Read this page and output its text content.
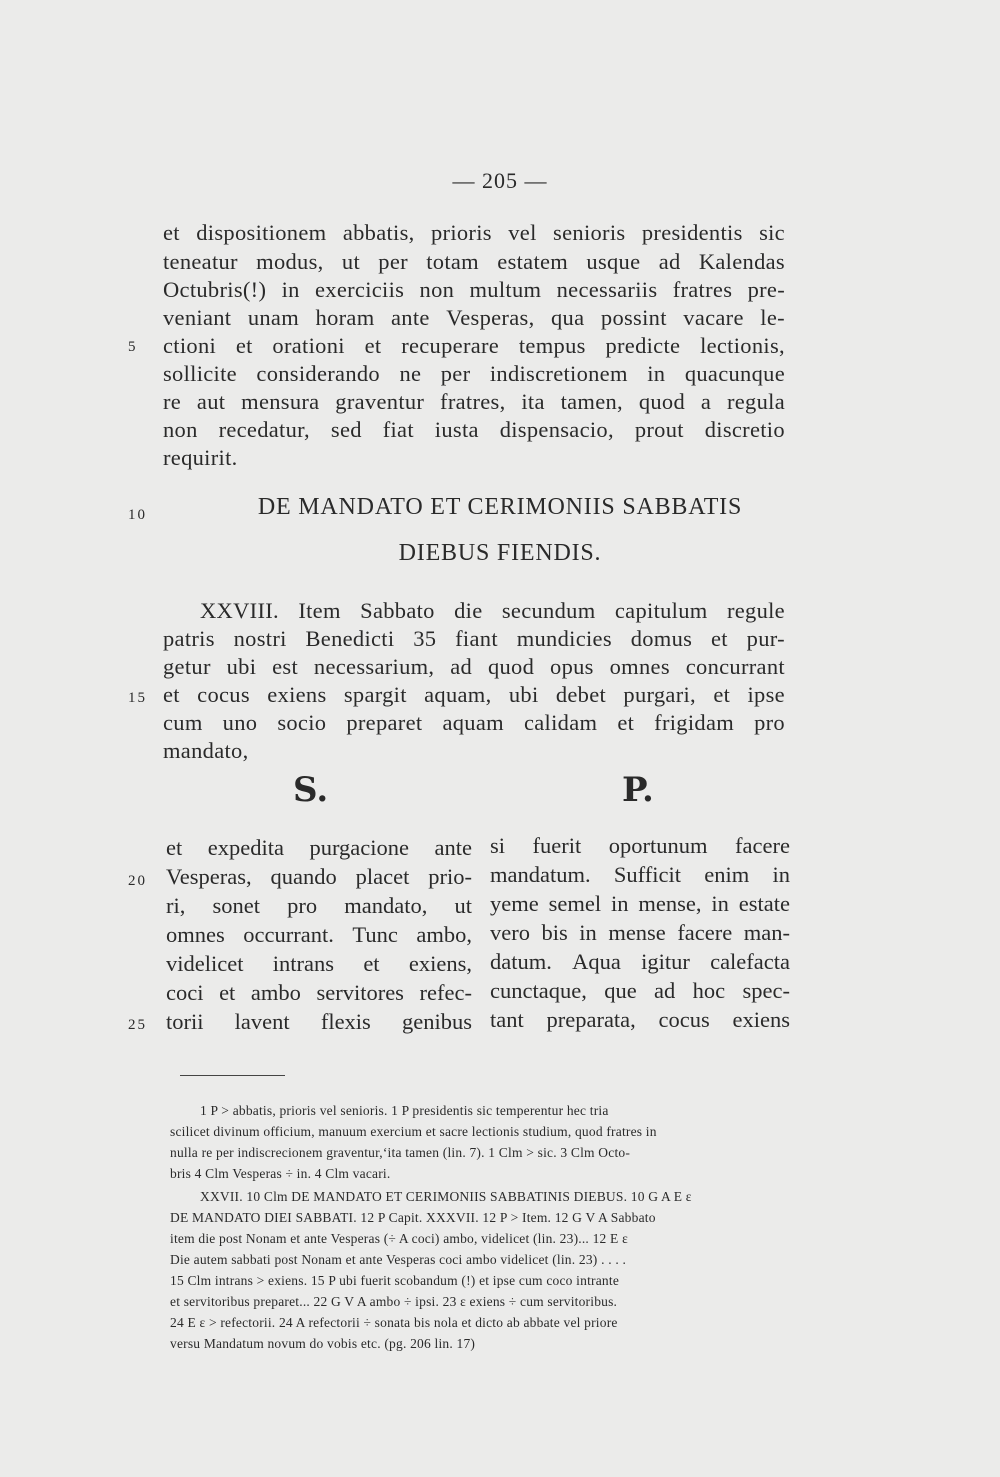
— 205 —
et dispositionem abbatis, prioris vel senioris presidentis sic
teneatur modus, ut per totam estatem usque ad Kalendas
Octubris(!) in exerciciis non multum necessariis fratres pre-
veniant unam horam ante Vesperas, qua possint vacare le-
ctioni et orationi et recuperare tempus predicte lectionis,
sollicite considerando ne per indiscretionem in quacunque
re aut mensura graventur fratres, ita tamen, quod a regula
non recedatur, sed fiat iusta dispensacio, prout discretio
requirit.
5
10	DE MANDATO ET CERIMONIIS SABBATIS
DIEBUS FIENDIS.
XXVIII. Item Sabbato die secundum capitulum regule
patris nostri Benedicti 35 fiant mundicies domus et pur-
getur ubi est necessarium, ad quod opus omnes concurrant
et cocus exiens spargit aquam, ubi debet purgari, et ipse
cum uno socio preparet aquam calidam et frigidam pro
mandato,
15
S.	P.
et expedita purgacione ante
Vesperas, quando placet prio-
ri, sonet pro mandato, ut
omnes occurrant. Tunc ambo,
videlicet intrans et exiens,
coci et ambo servitores refec-
torii lavent flexis genibus
si fuerit oportunum facere
mandatum. Sufficit enim in
yeme semel in mense, in estate
vero bis in mense facere man-
datum. Aqua igitur calefacta
cunctaque, que ad hoc spec-
tant preparata, cocus exiens
20
25
1 P > abbatis, prioris vel senioris. 1 P presidentis sic temperentur hec tria
scilicet divinum officium, manuum exercium et sacre lectionis studium, quod fratres in
nulla re per indiscrecionem graventur,‘ita tamen (lin. 7). 1 Clm > sic. 3 Clm Octo-
bris 4 Clm Vesperas ÷ in. 4 Clm vacari.
XXVII. 10 Clm DE MANDATO ET CERIMONIIS SABBATINIS DIEBUS. 10 G A E ε
DE MANDATO DIEI SABBATI. 12 P Capit. XXXVII. 12 P > Item. 12 G V A Sabbato
item die post Nonam et ante Vesperas (÷ A coci) ambo, videlicet (lin. 23)... 12 E ε
Die autem sabbati post Nonam et ante Vesperas coci ambo videlicet (lin. 23) . . . .
15 Clm intrans > exiens. 15 P ubi fuerit scobandum (!) et ipse cum coco intrante
et servitoribus preparet... 22 G V A ambo ÷ ipsi. 23 ε exiens ÷ cum servitoribus.
24 E ε > refectorii. 24 A refectorii ÷ sonata bis nola et dicto ab abbate vel priore
versu Mandatum novum do vobis etc. (pg. 206 lin. 17)
